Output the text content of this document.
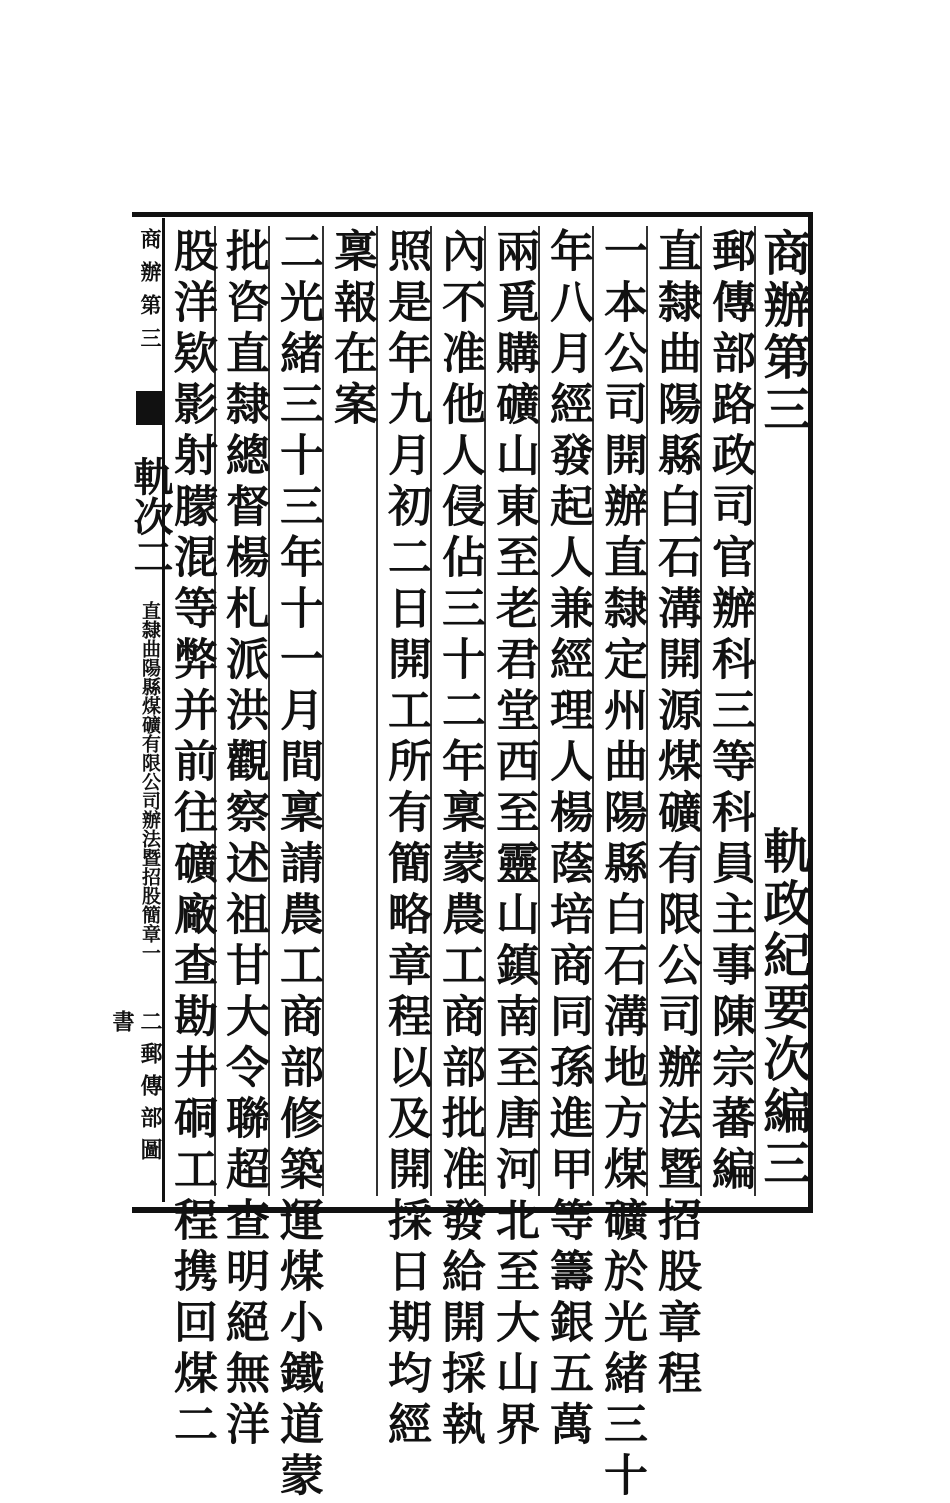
商辦第三軌政紀要次編三
郵傳部路政司官辦科三等科員主事陳宗蕃編
直隸曲陽縣白石溝開源煤礦有限公司辦法暨招股章程
一本公司開辦直隸定州曲陽縣白石溝地方煤礦於光緒三十
年八月經發起人兼經理人楊蔭培商同孫進甲等籌銀五萬
兩覓購礦山東至老君堂西至靈山鎮南至唐河北至大山界
內不准他人侵佔三十二年稟蒙農工商部批准發給開採執
照是年九月初二日開工所有簡略章程以及開採日期均經
稟報在案
二光緒三十三年十一月間稟請農工商部修築運煤小鐵道蒙
批咨直隸總督楊札派洪觀察述祖甘大令聯超查明絕無洋
股洋欵影射朦混等弊并前往礦廠查勘井硐工程携回煤二
商辦第三  軌次二 直隸曲陽縣煤礦有限公司辦法暨招股簡章一
二郵傳部圖書
